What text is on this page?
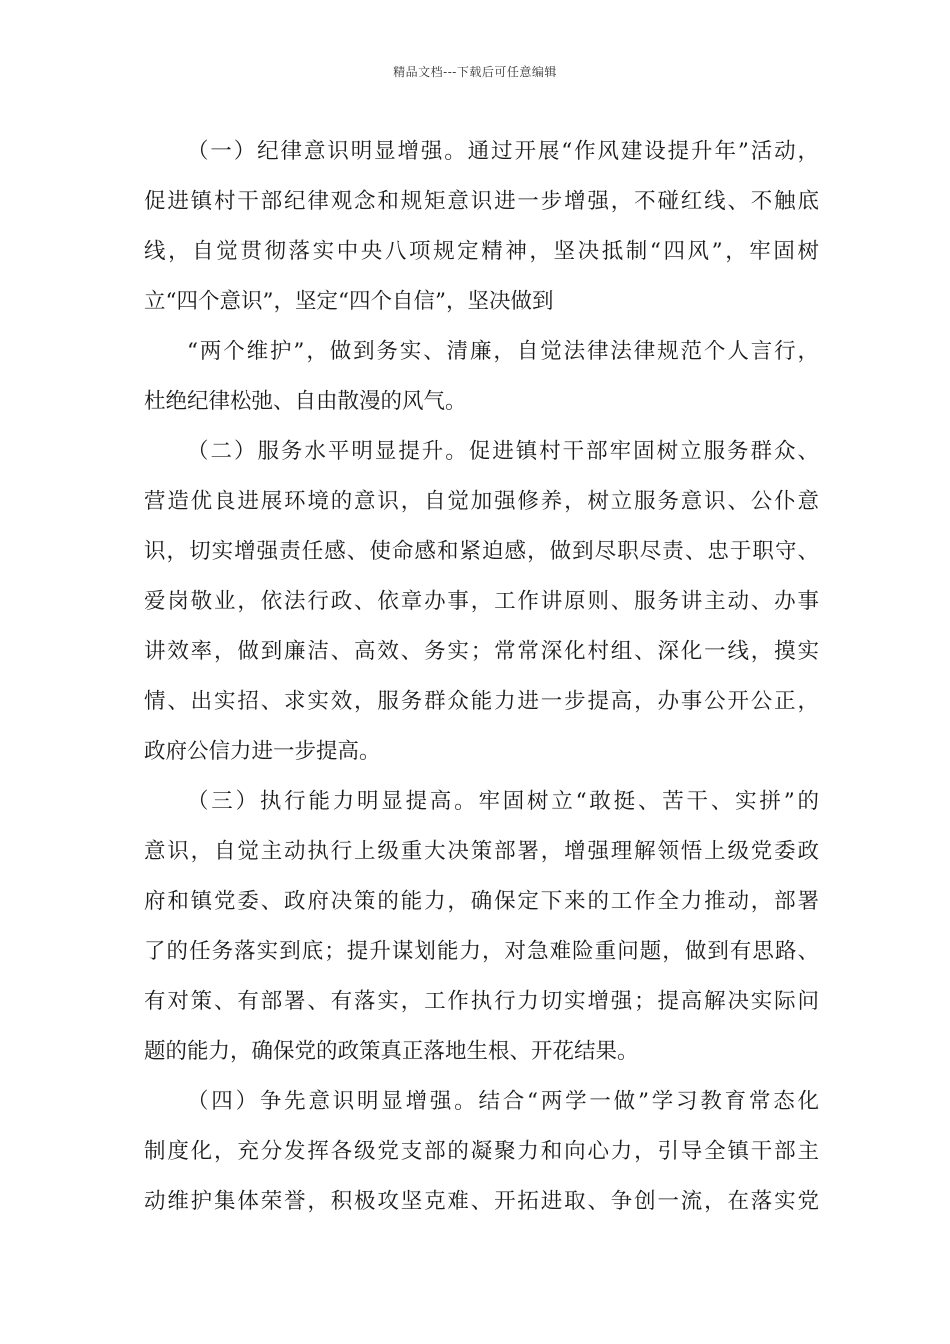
精品文档---下载后可任意编辑
（一）纪律意识明显增强。通过开展“作风建设提升年”活动，
促进镇村干部纪律观念和规矩意识进一步增强，不碰红线、不触底
线，自觉贯彻落实中央八项规定精神，坚决抵制“四风”，牢固树
立“四个意识”，坚定“四个自信”，坚决做到
“两个维护”，做到务实、清廉，自觉法律法律规范个人言行，
杜绝纪律松弛、自由散漫的风气。
（二）服务水平明显提升。促进镇村干部牢固树立服务群众、
营造优良进展环境的意识，自觉加强修养，树立服务意识、公仆意
识，切实增强责任感、使命感和紧迫感，做到尽职尽责、忠于职守、
爱岗敬业，依法行政、依章办事，工作讲原则、服务讲主动、办事
讲效率，做到廉洁、高效、务实；常常深化村组、深化一线，摸实
情、出实招、求实效，服务群众能力进一步提高，办事公开公正，
政府公信力进一步提高。
（三）执行能力明显提高。牢固树立“敢挺、苦干、实拼”的
意识，自觉主动执行上级重大决策部署，增强理解领悟上级党委政
府和镇党委、政府决策的能力，确保定下来的工作全力推动，部署
了的任务落实到底；提升谋划能力，对急难险重问题，做到有思路、
有对策、有部署、有落实，工作执行力切实增强；提高解决实际问
题的能力，确保党的政策真正落地生根、开花结果。
（四）争先意识明显增强。结合“两学一做”学习教育常态化
制度化，充分发挥各级党支部的凝聚力和向心力，引导全镇干部主
动维护集体荣誉，积极攻坚克难、开拓进取、争创一流，在落实党
